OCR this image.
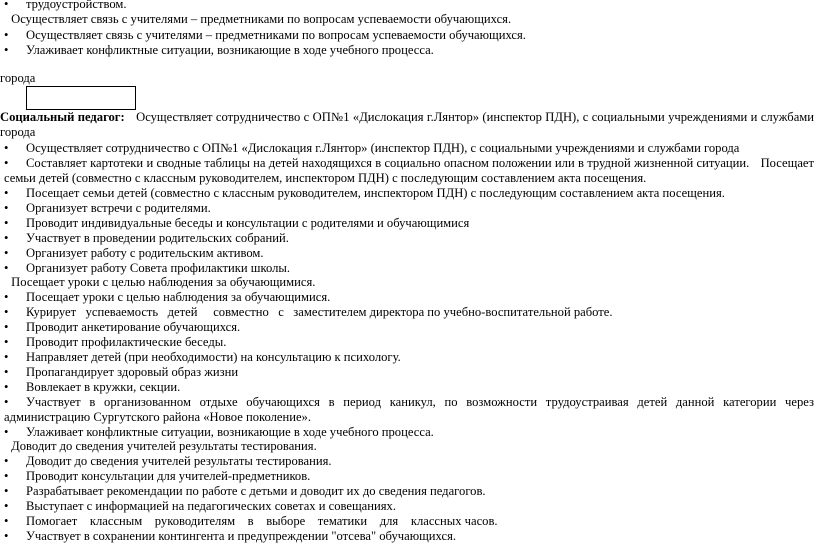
• трудоустройством.
Осуществляет связь с учителями – предметниками по вопросам успеваемости обучающихся.
• Осуществляет связь с учителями – предметниками по вопросам успеваемости обучающихся.
• Улаживает конфликтные ситуации, возникающие в ходе учебного процесса.
города
Социальный педагог: Осуществляет сотрудничество с ОП№1 «Дислокация г.Лянтор» (инспектор ПДН), с социальными учреждениями и службами города
• Осуществляет сотрудничество с ОП№1 «Дислокация г.Лянтор» (инспектор ПДН), с социальными учреждениями и службами города
• Составляет картотеки и сводные таблицы на детей находящихся в социально опасном положении или в трудной жизненной ситуации. Посещает семьи детей (совместно с классным руководителем, инспектором ПДН) с последующим составлением акта посещения.
• Посещает семьи детей (совместно с классным руководителем, инспектором ПДН) с последующим составлением акта посещения.
• Организует встречи с родителями.
• Проводит индивидуальные беседы и консультации с родителями и обучающимися
• Участвует в проведении родительских собраний.
• Организует работу с родительским активом.
• Организует работу Совета профилактики школы.
Посещает уроки с целью наблюдения за обучающимися.
• Посещает уроки с целью наблюдения за обучающимися.
• Курирует   успеваемость   детей     совместно   с   заместителем директора по учебно-воспитательной работе.
• Проводит анкетирование обучающихся.
• Проводит профилактические беседы.
• Направляет детей (при необходимости) на консультацию к психологу.
• Пропагандирует здоровый образ жизни
• Вовлекает в кружки, секции.
• Участвует в организованном отдыхе обучающихся в период каникул, по возможности трудоустраивая детей данной категории через администрацию Сургутского района «Новое поколение».
• Улаживает конфликтные ситуации, возникающие в ходе учебного процесса.
Доводит до сведения учителей результаты тестирования.
• Доводит до сведения учителей результаты тестирования.
• Проводит консультации для учителей-предметников.
• Разрабатывает рекомендации по работе с детьми и доводит их до сведения педагогов.
• Выступает с информацией на педагогических советах и совещаниях.
• Помогает    классным    руководителям    в    выборе    тематики    для    классных часов.
• Участвует в сохранении контингента и предупреждении "отсева" обучающихся.
